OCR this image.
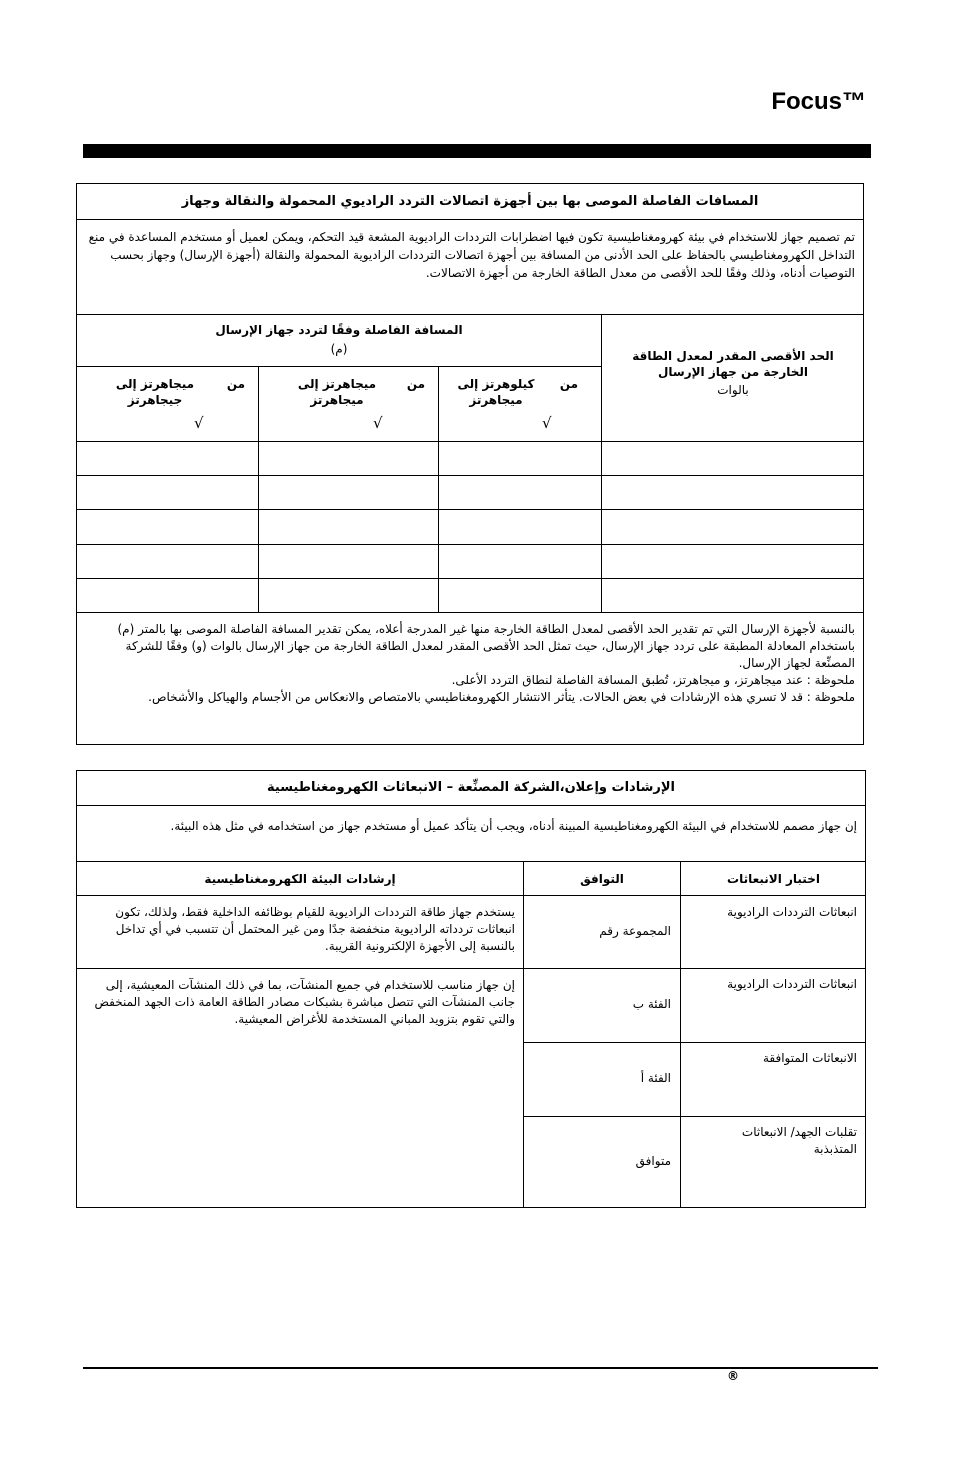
Focus™
المسافات الفاصلة الموصى بها بين أجهزة اتصالات التردد الراديوي المحمولة والنقالة وجهاز
تم تصميم جهاز للاستخدام في بيئة كهرومغناطيسية تكون فيها اضطرابات الترددات الراديوية المشعة قيد التحكم، ويمكن لعميل أو مستخدم المساعدة في منع التداخل الكهرومغناطيسي بالحفاظ على الحد الأدنى من المسافة بين أجهزة اتصالات الترددات الراديوية المحمولة والنقالة (أجهزة الإرسال) وجهاز بحسب التوصيات أدناه، وذلك وفقًا للحد الأقصى من معدل الطاقة الخارجة من أجهزة الاتصالات.
الحد الأقصى المقدر لمعدل الطاقة الخارجة من جهاز الإرسال
بالوات
المسافة الفاصلة وفقًا لتردد جهاز الإرسال
(م)
من
كيلوهرتز إلى ميجاهرتز
√
من
ميجاهرتز إلى ميجاهرتز
√
من
ميجاهرتز إلى جيجاهرتز
√

بالنسبة لأجهزة الإرسال التي تم تقدير الحد الأقصى لمعدل الطاقة الخارجة منها غير المدرجة أعلاه، يمكن تقدير المسافة الفاصلة الموصى بها بالمتر (م) باستخدام المعادلة المطبقة على تردد جهاز الإرسال، حيث تمثل الحد الأقصى المقدر لمعدل الطاقة الخارجة من جهاز الإرسال بالوات (و) وفقًا للشركة المصنِّعة لجهاز الإرسال.

ملحوظة : عند ميجاهرتز، و ميجاهرتز، تُطبق المسافة الفاصلة لنطاق التردد الأعلى.

ملحوظة : قد لا تسري هذه الإرشادات في بعض الحالات. يتأثر الانتشار الكهرومغناطيسي بالامتصاص والانعكاس من الأجسام والهياكل والأشخاص.

الإرشادات وإعلان،الشركة المصنِّعة – الانبعاثات الكهرومغناطيسية
إن جهاز مصمم للاستخدام في البيئة الكهرومغناطيسية المبينة أدناه، ويجب أن يتأكد عميل أو مستخدم جهاز من استخدامه في مثل هذه البيئة.
اختبار الانبعاثات
التوافق
إرشادات البيئة الكهرومغناطيسية
انبعاثات الترددات الراديوية
انبعاثات الترددات الراديوية
الانبعاثات المتوافقة
تقلبات الجهد/ الانبعاثات المتذبذبة
المجموعة رقم
الفئة ب
الفئة أ
متوافق
يستخدم جهاز طاقة الترددات الراديوية للقيام بوظائفه الداخلية فقط، ولذلك، تكون انبعاثات تردداته الراديوية منخفضة جدًا ومن غير المحتمل أن تتسبب في أي تداخل بالنسبة إلى الأجهزة الإلكترونية القريبة.
إن جهاز مناسب للاستخدام في جميع المنشآت، بما في ذلك المنشآت المعيشية، إلى جانب المنشآت التي تتصل مباشرة بشبكات مصادر الطاقة العامة ذات الجهد المنخفض والتي تقوم بتزويد المباني المستخدمة للأغراض المعيشية.
®
